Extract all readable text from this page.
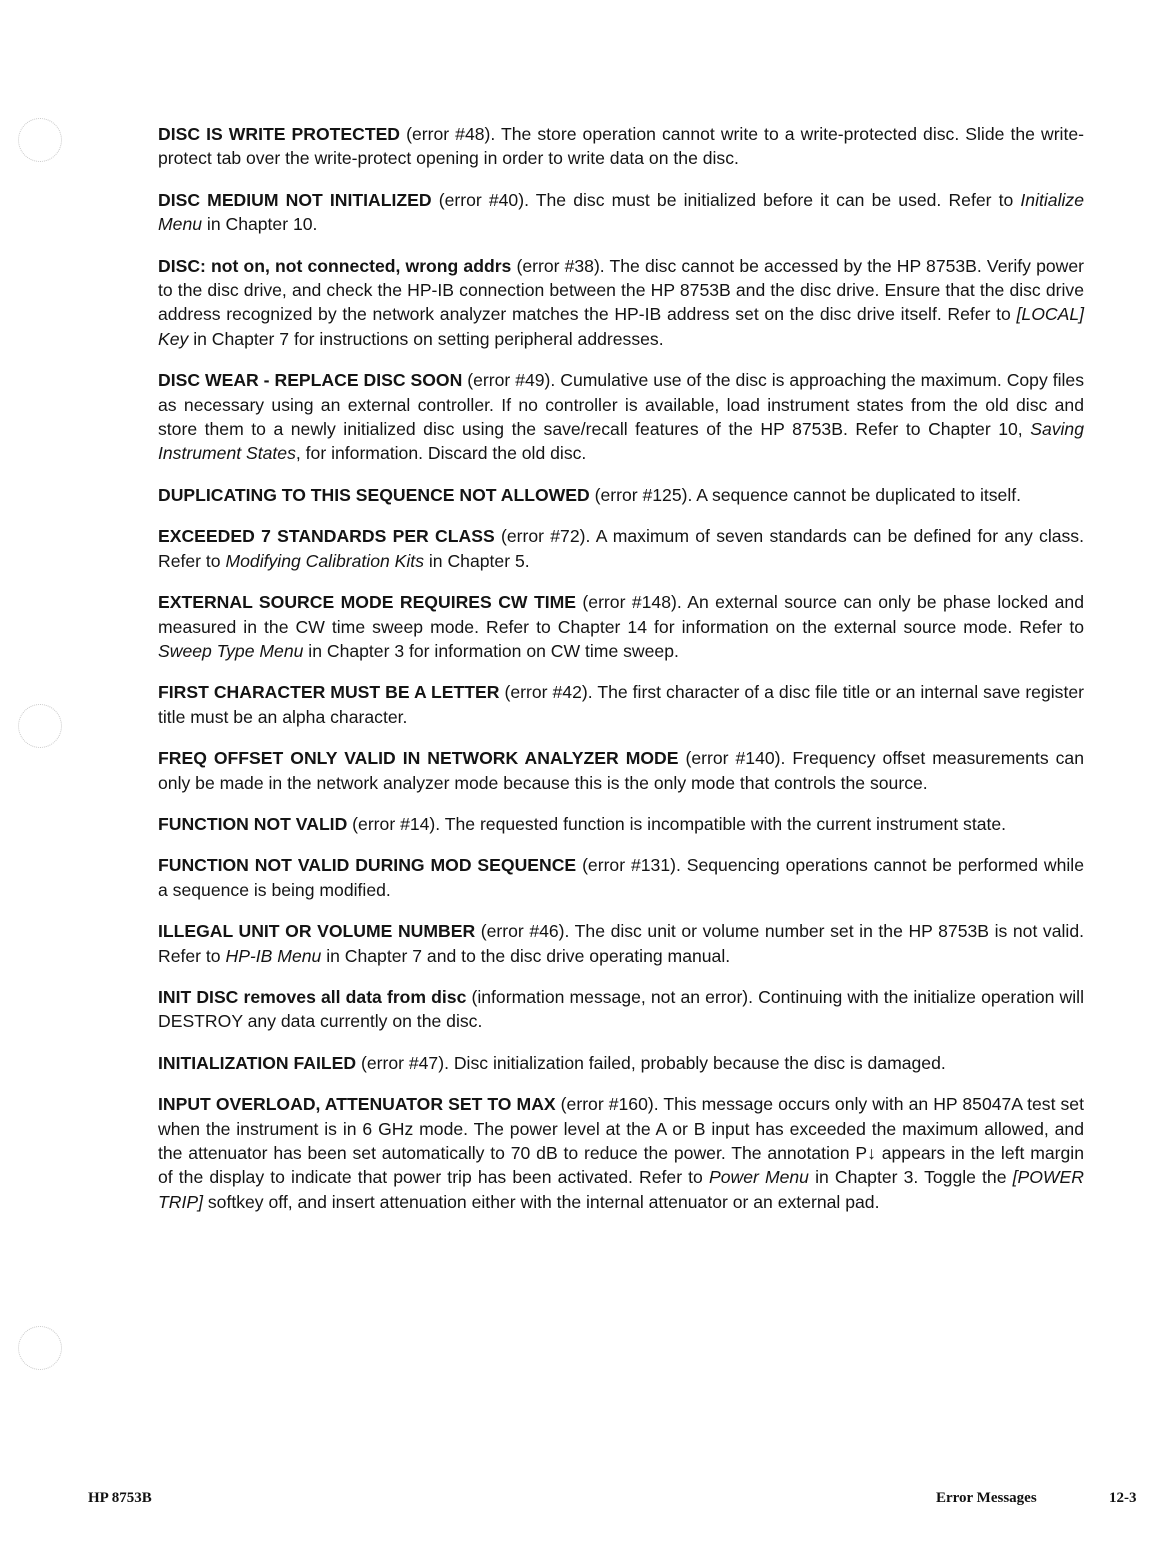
DISC IS WRITE PROTECTED (error #48). The store operation cannot write to a write-protected disc. Slide the write-protect tab over the write-protect opening in order to write data on the disc.

DISC MEDIUM NOT INITIALIZED (error #40). The disc must be initialized before it can be used. Refer to Initialize Menu in Chapter 10.

DISC: not on, not connected, wrong addrs (error #38). The disc cannot be accessed by the HP 8753B. Verify power to the disc drive, and check the HP-IB connection between the HP 8753B and the disc drive. Ensure that the disc drive address recognized by the network analyzer matches the HP-IB address set on the disc drive itself. Refer to [LOCAL] Key in Chapter 7 for instructions on setting peripheral addresses.

DISC WEAR - REPLACE DISC SOON (error #49). Cumulative use of the disc is approaching the maximum. Copy files as necessary using an external controller. If no controller is available, load instrument states from the old disc and store them to a newly initialized disc using the save/recall features of the HP 8753B. Refer to Chapter 10, Saving Instrument States, for information. Discard the old disc.

DUPLICATING TO THIS SEQUENCE NOT ALLOWED (error #125). A sequence cannot be duplicated to itself.

EXCEEDED 7 STANDARDS PER CLASS (error #72). A maximum of seven standards can be defined for any class. Refer to Modifying Calibration Kits in Chapter 5.

EXTERNAL SOURCE MODE REQUIRES CW TIME (error #148). An external source can only be phase locked and measured in the CW time sweep mode. Refer to Chapter 14 for information on the external source mode. Refer to Sweep Type Menu in Chapter 3 for information on CW time sweep.

FIRST CHARACTER MUST BE A LETTER (error #42). The first character of a disc file title or an internal save register title must be an alpha character.

FREQ OFFSET ONLY VALID IN NETWORK ANALYZER MODE (error #140). Frequency offset measurements can only be made in the network analyzer mode because this is the only mode that controls the source.

FUNCTION NOT VALID (error #14). The requested function is incompatible with the current instrument state.

FUNCTION NOT VALID DURING MOD SEQUENCE (error #131). Sequencing operations cannot be performed while a sequence is being modified.

ILLEGAL UNIT OR VOLUME NUMBER (error #46). The disc unit or volume number set in the HP 8753B is not valid. Refer to HP-IB Menu in Chapter 7 and to the disc drive operating manual.

INIT DISC removes all data from disc (information message, not an error). Continuing with the initialize operation will DESTROY any data currently on the disc.

INITIALIZATION FAILED (error #47). Disc initialization failed, probably because the disc is damaged.

INPUT OVERLOAD, ATTENUATOR SET TO MAX (error #160). This message occurs only with an HP 85047A test set when the instrument is in 6 GHz mode. The power level at the A or B input has exceeded the maximum allowed, and the attenuator has been set automatically to 70 dB to reduce the power. The annotation P↓ appears in the left margin of the display to indicate that power trip has been activated. Refer to Power Menu in Chapter 3. Toggle the [POWER TRIP] softkey off, and insert attenuation either with the internal attenuator or an external pad.

HP 8753B	Error Messages	12-3
